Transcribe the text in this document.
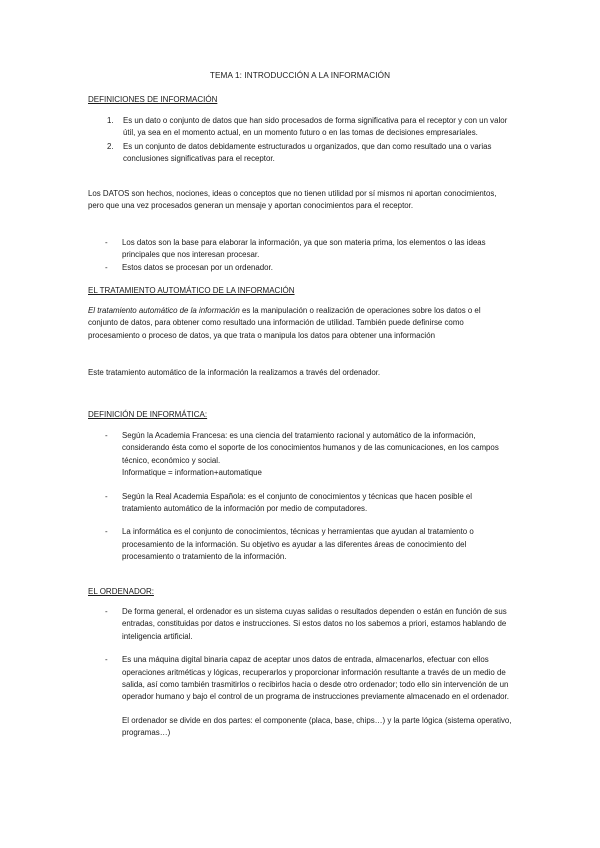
TEMA 1: INTRODUCCIÓN A LA INFORMACIÓN
DEFINICIONES DE INFORMACIÓN
1. Es un dato o conjunto de datos que han sido procesados de forma significativa para el receptor y con un valor útil, ya sea en el momento actual, en un momento futuro o en las tomas de decisiones empresariales.
2. Es un conjunto de datos debidamente estructurados u organizados, que dan como resultado una o varias conclusiones significativas para el receptor.
Los DATOS son hechos, nociones, ideas o conceptos que no tienen utilidad por sí mismos ni aportan conocimientos, pero que una vez procesados generan un mensaje y aportan conocimientos para el receptor.
- Los datos son la base para elaborar la información, ya que son materia prima, los elementos o las ideas principales que nos interesan procesar.
- Estos datos se procesan por un ordenador.
EL TRATAMIENTO AUTOMÁTICO DE LA INFORMACIÓN
El tratamiento automático de la información es la manipulación o realización de operaciones sobre los datos o el conjunto de datos, para obtener como resultado una información de utilidad. También puede definirse como procesamiento o proceso de datos, ya que trata o manipula los datos para obtener una información
Este tratamiento automático de la información la realizamos a través del ordenador.
DEFINICIÓN DE INFORMÁTICA:
- Según la Academia Francesa: es una ciencia del tratamiento racional y automático de la información, considerando ésta como el soporte de los conocimientos humanos y de las comunicaciones, en los campos técnico, económico y social.
Informatique = information+automatique
- Según la Real Academia Española: es el conjunto de conocimientos y técnicas que hacen posible el tratamiento automático de la información por medio de computadores.
- La informática es el conjunto de conocimientos, técnicas y herramientas que ayudan al tratamiento o procesamiento de la información. Su objetivo es ayudar a las diferentes áreas de conocimiento del procesamiento o tratamiento de la información.
EL ORDENADOR:
- De forma general, el ordenador es un sistema cuyas salidas o resultados dependen o están en función de sus entradas, constituidas por datos e instrucciones. Si estos datos no los sabemos a priori, estamos hablando de inteligencia artificial.
- Es una máquina digital binaria capaz de aceptar unos datos de entrada, almacenarlos, efectuar con ellos operaciones aritméticas y lógicas, recuperarlos y proporcionar información resultante a través de un medio de salida, así como también trasmitirlos o recibirlos hacia o desde otro ordenador; todo ello sin intervención de un operador humano y bajo el control de un programa de instrucciones previamente almacenado en el ordenador.
El ordenador se divide en dos partes: el componente (placa, base, chips…) y la parte lógica (sistema operativo, programas…)
